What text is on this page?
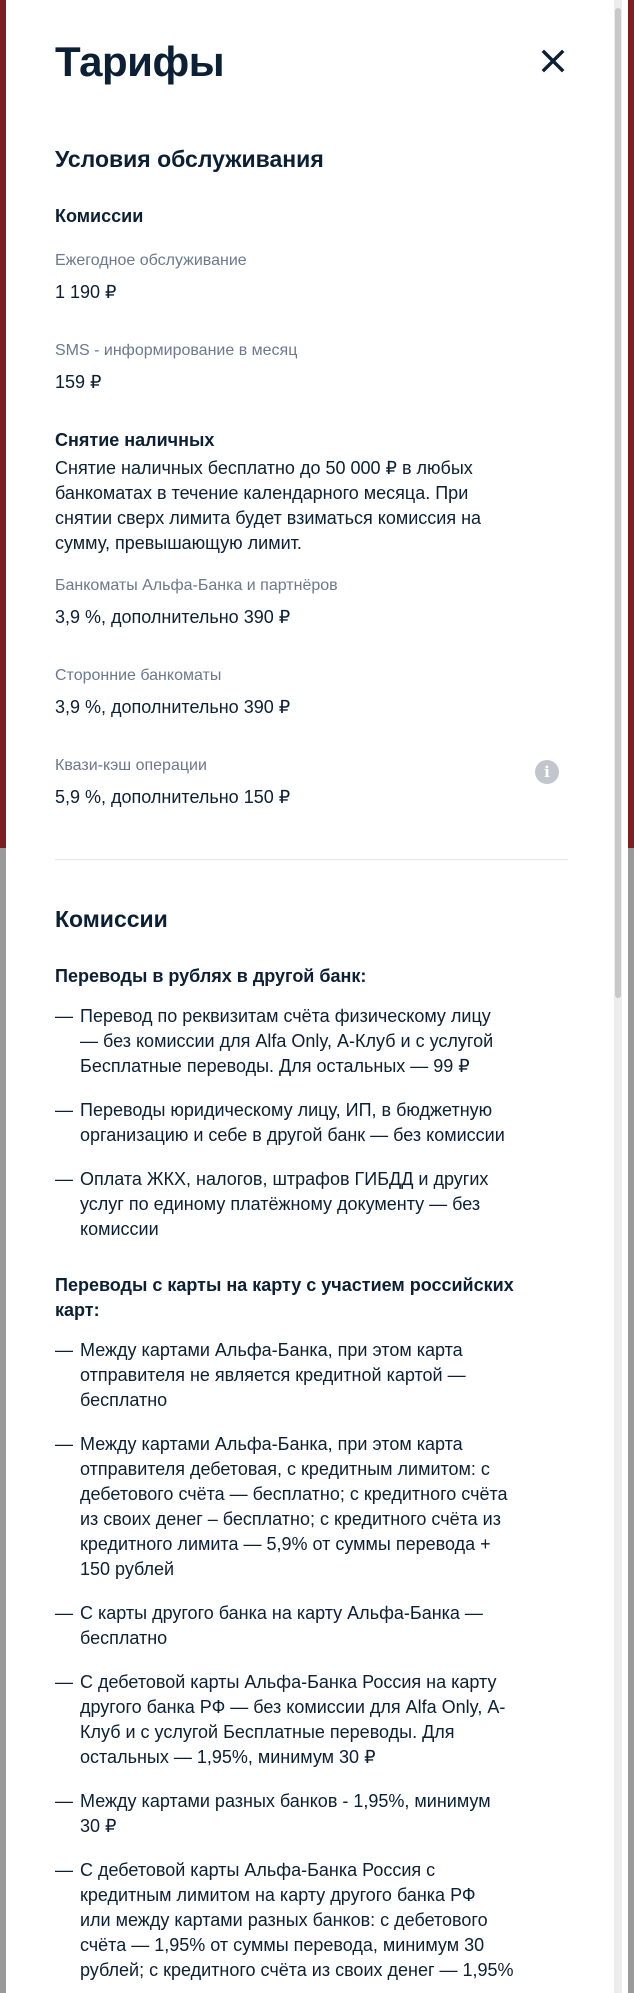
Тарифы
Условия обслуживания
Комиссии
Ежегодное обслуживание
1 190 ₽
SMS - информирование в месяц
159 ₽
Снятие наличных
Снятие наличных бесплатно до 50 000 ₽ в любых
банкоматах в течение календарного месяца. При
снятии сверх лимита будет взиматься комиссия на
сумму, превышающую лимит.
Банкоматы Альфа-Банка и партнёров
3,9 %, дополнительно 390 ₽
Сторонние банкоматы
3,9 %, дополнительно 390 ₽
Квази-кэш операции
5,9 %, дополнительно 150 ₽
i
Комиссии
Переводы в рублях в другой банк:
— Перевод по реквизитам счёта физическому лицу
— без комиссии для Alfa Only, А-Клуб и с услугой
Бесплатные переводы. Для остальных — 99 ₽
— Переводы юридическому лицу, ИП, в бюджетную
организацию и себе в другой банк — без комиссии
— Оплата ЖКХ, налогов, штрафов ГИБДД и других
услуг по единому платёжному документу — без
комиссии
Переводы с карты на карту с участием российских
карт:
— Между картами Альфа-Банка, при этом карта
отправителя не является кредитной картой —
бесплатно
— Между картами Альфа-Банка, при этом карта
отправителя дебетовая, с кредитным лимитом: с
дебетового счёта — бесплатно; с кредитного счёта
из своих денег – бесплатно; с кредитного счёта из
кредитного лимита — 5,9% от суммы перевода +
150 рублей
— С карты другого банка на карту Альфа-Банка —
бесплатно
— С дебетовой карты Альфа-Банка Россия на карту
другого банка РФ — без комиссии для Alfa Only, А-
Клуб и с услугой Бесплатные переводы. Для
остальных — 1,95%, минимум 30 ₽
— Между картами разных банков - 1,95%, минимум
30 ₽
— С дебетовой карты Альфа-Банка Россия с
кредитным лимитом на карту другого банка РФ
или между картами разных банков: с дебетового
счёта — 1,95% от суммы перевода, минимум 30
рублей; с кредитного счёта из своих денег — 1,95%
